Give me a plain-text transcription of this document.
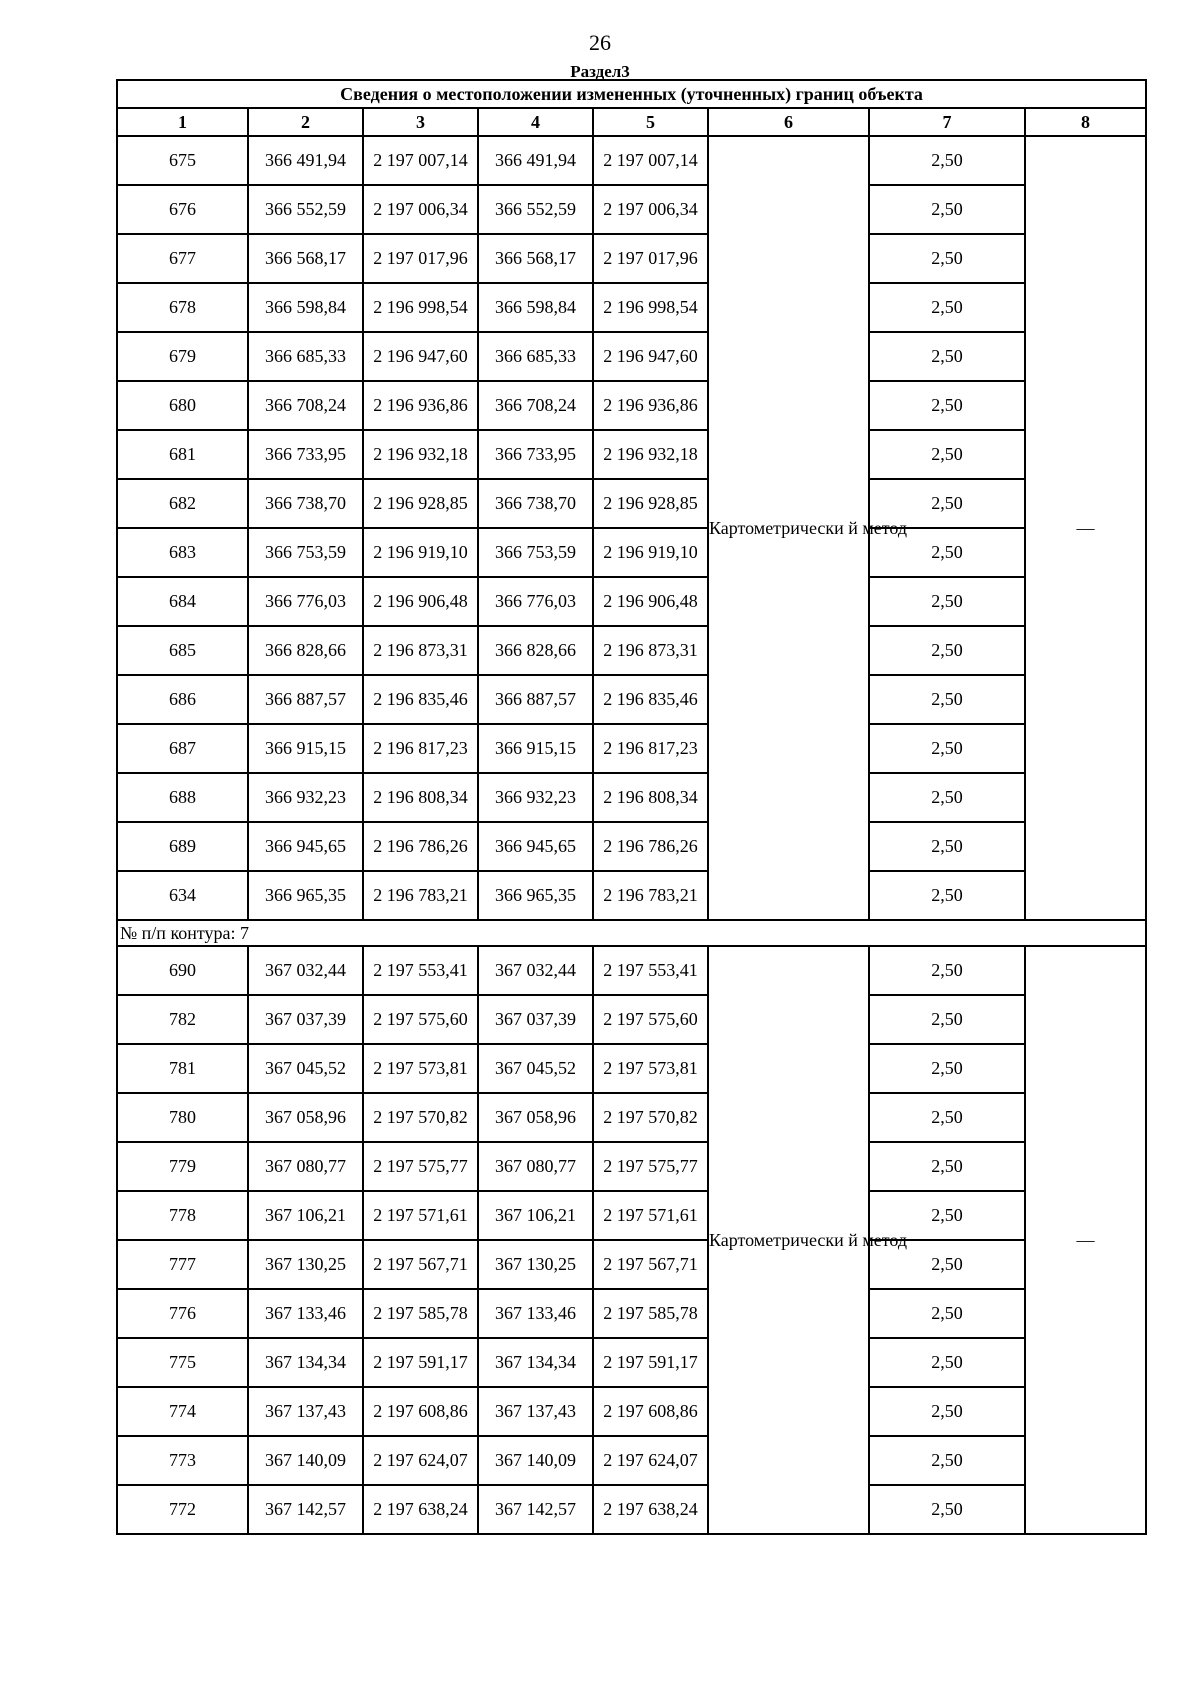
26
Раздел3
Сведения о местоположении измененных (уточненных) границ объекта							
1	2	3	4	5	6	7	8
675	366 491,94	2 197 007,14	366 491,94	2 197 007,14	Картометрически й метод	2,50	—
676	366 552,59	2 197 006,34	366 552,59	2 197 006,34		2,50	
677	366 568,17	2 197 017,96	366 568,17	2 197 017,96		2,50	
678	366 598,84	2 196 998,54	366 598,84	2 196 998,54		2,50	
679	366 685,33	2 196 947,60	366 685,33	2 196 947,60		2,50	
680	366 708,24	2 196 936,86	366 708,24	2 196 936,86		2,50	
681	366 733,95	2 196 932,18	366 733,95	2 196 932,18		2,50	
682	366 738,70	2 196 928,85	366 738,70	2 196 928,85		2,50	
683	366 753,59	2 196 919,10	366 753,59	2 196 919,10		2,50	
684	366 776,03	2 196 906,48	366 776,03	2 196 906,48		2,50	
685	366 828,66	2 196 873,31	366 828,66	2 196 873,31		2,50	
686	366 887,57	2 196 835,46	366 887,57	2 196 835,46		2,50	
687	366 915,15	2 196 817,23	366 915,15	2 196 817,23		2,50	
688	366 932,23	2 196 808,34	366 932,23	2 196 808,34		2,50	
689	366 945,65	2 196 786,26	366 945,65	2 196 786,26		2,50	
634	366 965,35	2 196 783,21	366 965,35	2 196 783,21		2,50	
№ п/п контура: 7							
690	367 032,44	2 197 553,41	367 032,44	2 197 553,41	Картометрически й метод	2,50	—
782	367 037,39	2 197 575,60	367 037,39	2 197 575,60		2,50	
781	367 045,52	2 197 573,81	367 045,52	2 197 573,81		2,50	
780	367 058,96	2 197 570,82	367 058,96	2 197 570,82		2,50	
779	367 080,77	2 197 575,77	367 080,77	2 197 575,77		2,50	
778	367 106,21	2 197 571,61	367 106,21	2 197 571,61		2,50	
777	367 130,25	2 197 567,71	367 130,25	2 197 567,71		2,50	
776	367 133,46	2 197 585,78	367 133,46	2 197 585,78		2,50	
775	367 134,34	2 197 591,17	367 134,34	2 197 591,17		2,50	
774	367 137,43	2 197 608,86	367 137,43	2 197 608,86		2,50	
773	367 140,09	2 197 624,07	367 140,09	2 197 624,07		2,50	
772	367 142,57	2 197 638,24	367 142,57	2 197 638,24		2,50	
